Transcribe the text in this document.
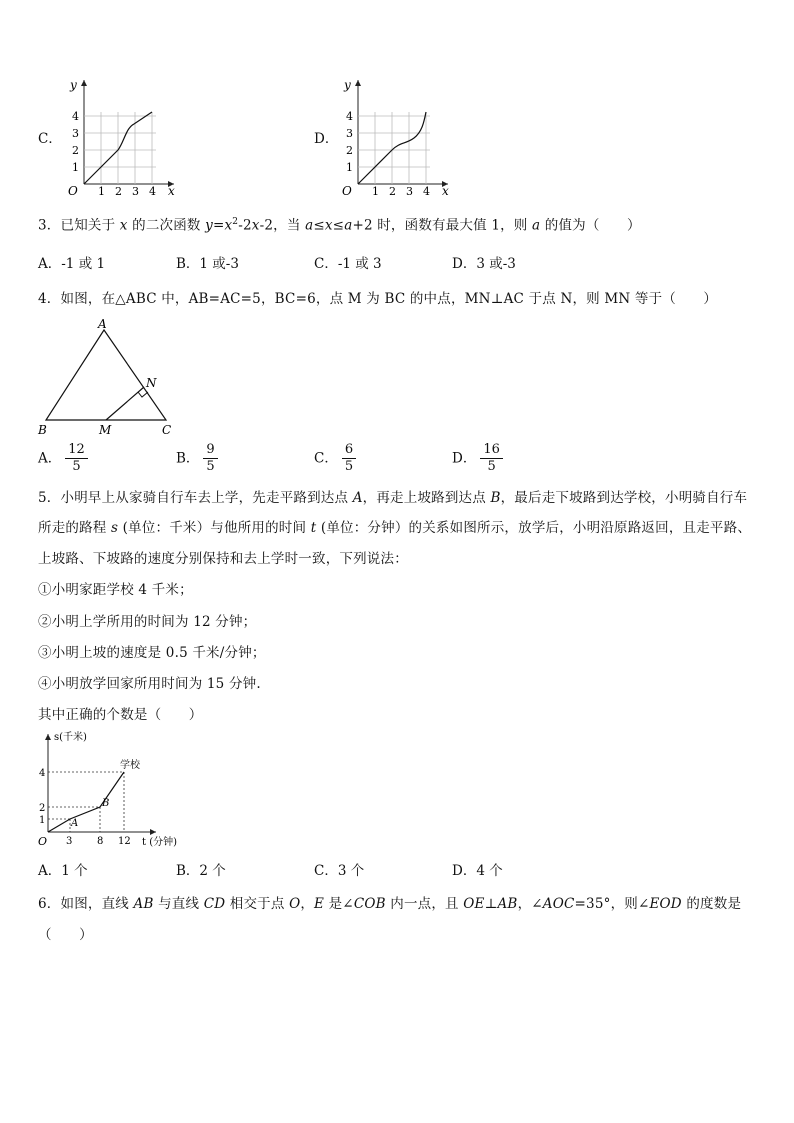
C．
y
x
O
1
2
3
4
1 2 3 4
D．
y
x
O
1
2
3
4
1 2 3 4
3．已知关于 x 的二次函数 $y=x^2-2x-2$，当 a≤x≤a+2 时，函数有最大值 1，则 a 的值为（　　）
A．-1 或 1	B．1 或-3	C．-1 或 3	D．3 或-3
4．如图，在△ABC 中，AB=AC=5，BC=6，点 M 为 BC 的中点，MN⊥AC 于点 N，则 MN 等于（　　）
A
B	C
M
N
A． $\frac{12}{5}$	B． $\frac{9}{5}$	C． $\frac{6}{5}$	D． $\frac{16}{5}$
5．小明早上从家骑自行车去上学，先走平路到达点 A，再走上坡路到达点 B，最后走下坡路到达学校，小明骑自行车
所走的路程 s (单位：千米）与他所用的时间 t (单位：分钟）的关系如图所示，放学后，小明沿原路返回，且走平路、
上坡路、下坡路的速度分别保持和去上学时一致，下列说法：
①小明家距学校 4 千米；
②小明上学所用的时间为 12 分钟；
③小明上坡的速度是 0.5 千米/分钟；
④小明放学回家所用时间为 15 分钟.
其中正确的个数是（　　）
s(千米)
t (分钟)
O
1
2
4
3 8 12
A
B
学校
A．1 个	B．2 个	C．3 个	D．4 个
6．如图，直线 AB 与直线 CD 相交于点 O，E 是∠COB 内一点，且 OE⊥AB，∠AOC=35°，则∠EOD 的度数是
（　　）
